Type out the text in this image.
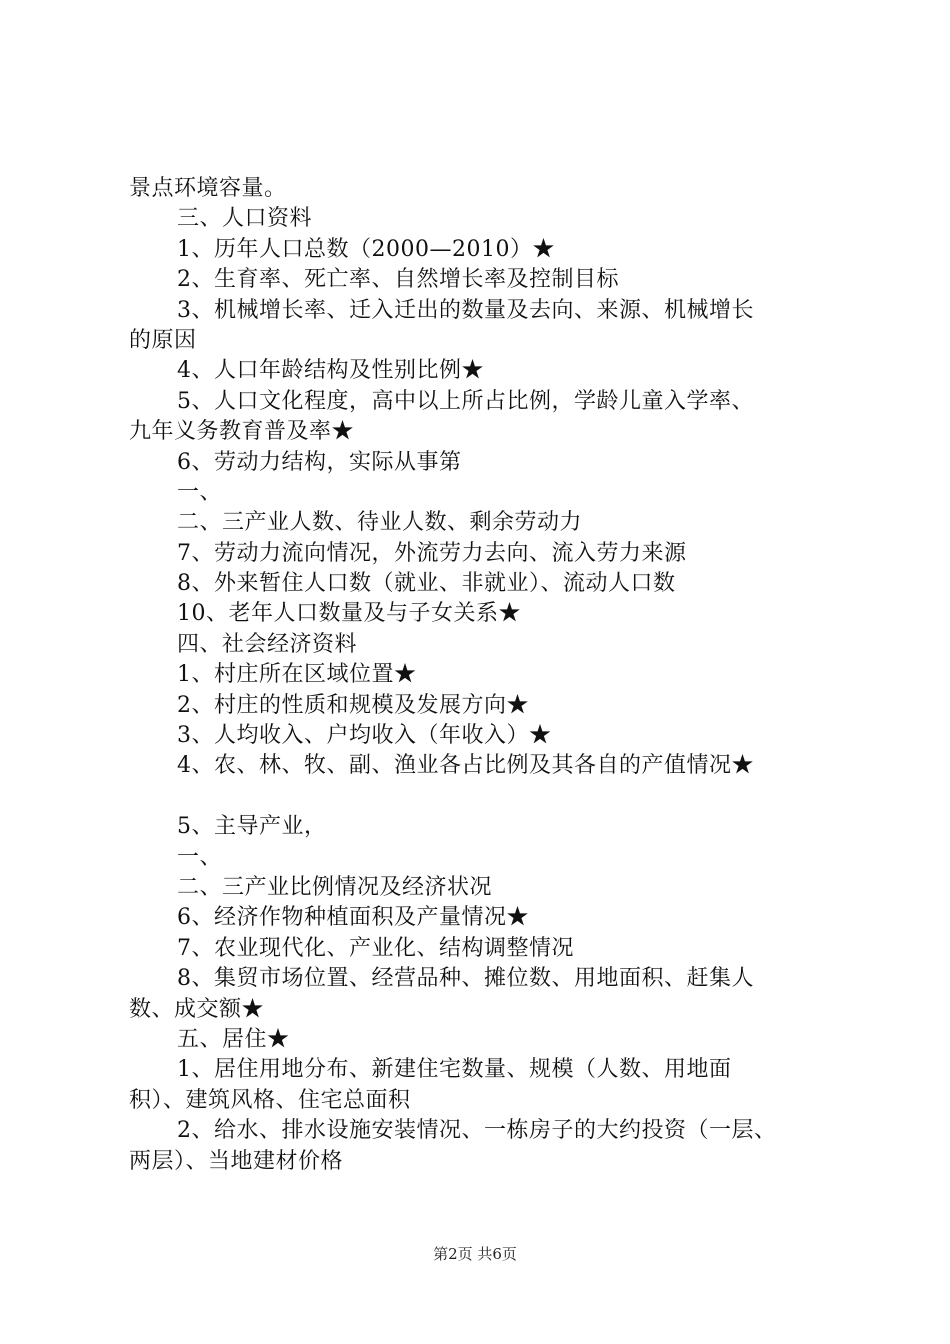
景点环境容量。
三、人口资料
1、历年人口总数（2000—2010）★
2、生育率、死亡率、自然增长率及控制目标
3、机械增长率、迁入迁出的数量及去向、来源、机械增长
的原因
4、人口年龄结构及性别比例★
5、人口文化程度，高中以上所占比例，学龄儿童入学率、
九年义务教育普及率★
6、劳动力结构，实际从事第
一、
二、三产业人数、待业人数、剩余劳动力
7、劳动力流向情况，外流劳力去向、流入劳力来源
8、外来暂住人口数（就业、非就业）、流动人口数
10、老年人口数量及与子女关系★
四、社会经济资料
1、村庄所在区域位置★
2、村庄的性质和规模及发展方向★
3、人均收入、户均收入（年收入）★
4、农、林、牧、副、渔业各占比例及其各自的产值情况★
5、主导产业，
一、
二、三产业比例情况及经济状况
6、经济作物种植面积及产量情况★
7、农业现代化、产业化、结构调整情况
8、集贸市场位置、经营品种、摊位数、用地面积、赶集人
数、成交额★
五、居住★
1、居住用地分布、新建住宅数量、规模（人数、用地面
积）、建筑风格、住宅总面积
2、给水、排水设施安装情况、一栋房子的大约投资（一层、
两层）、当地建材价格
第2页 共6页
